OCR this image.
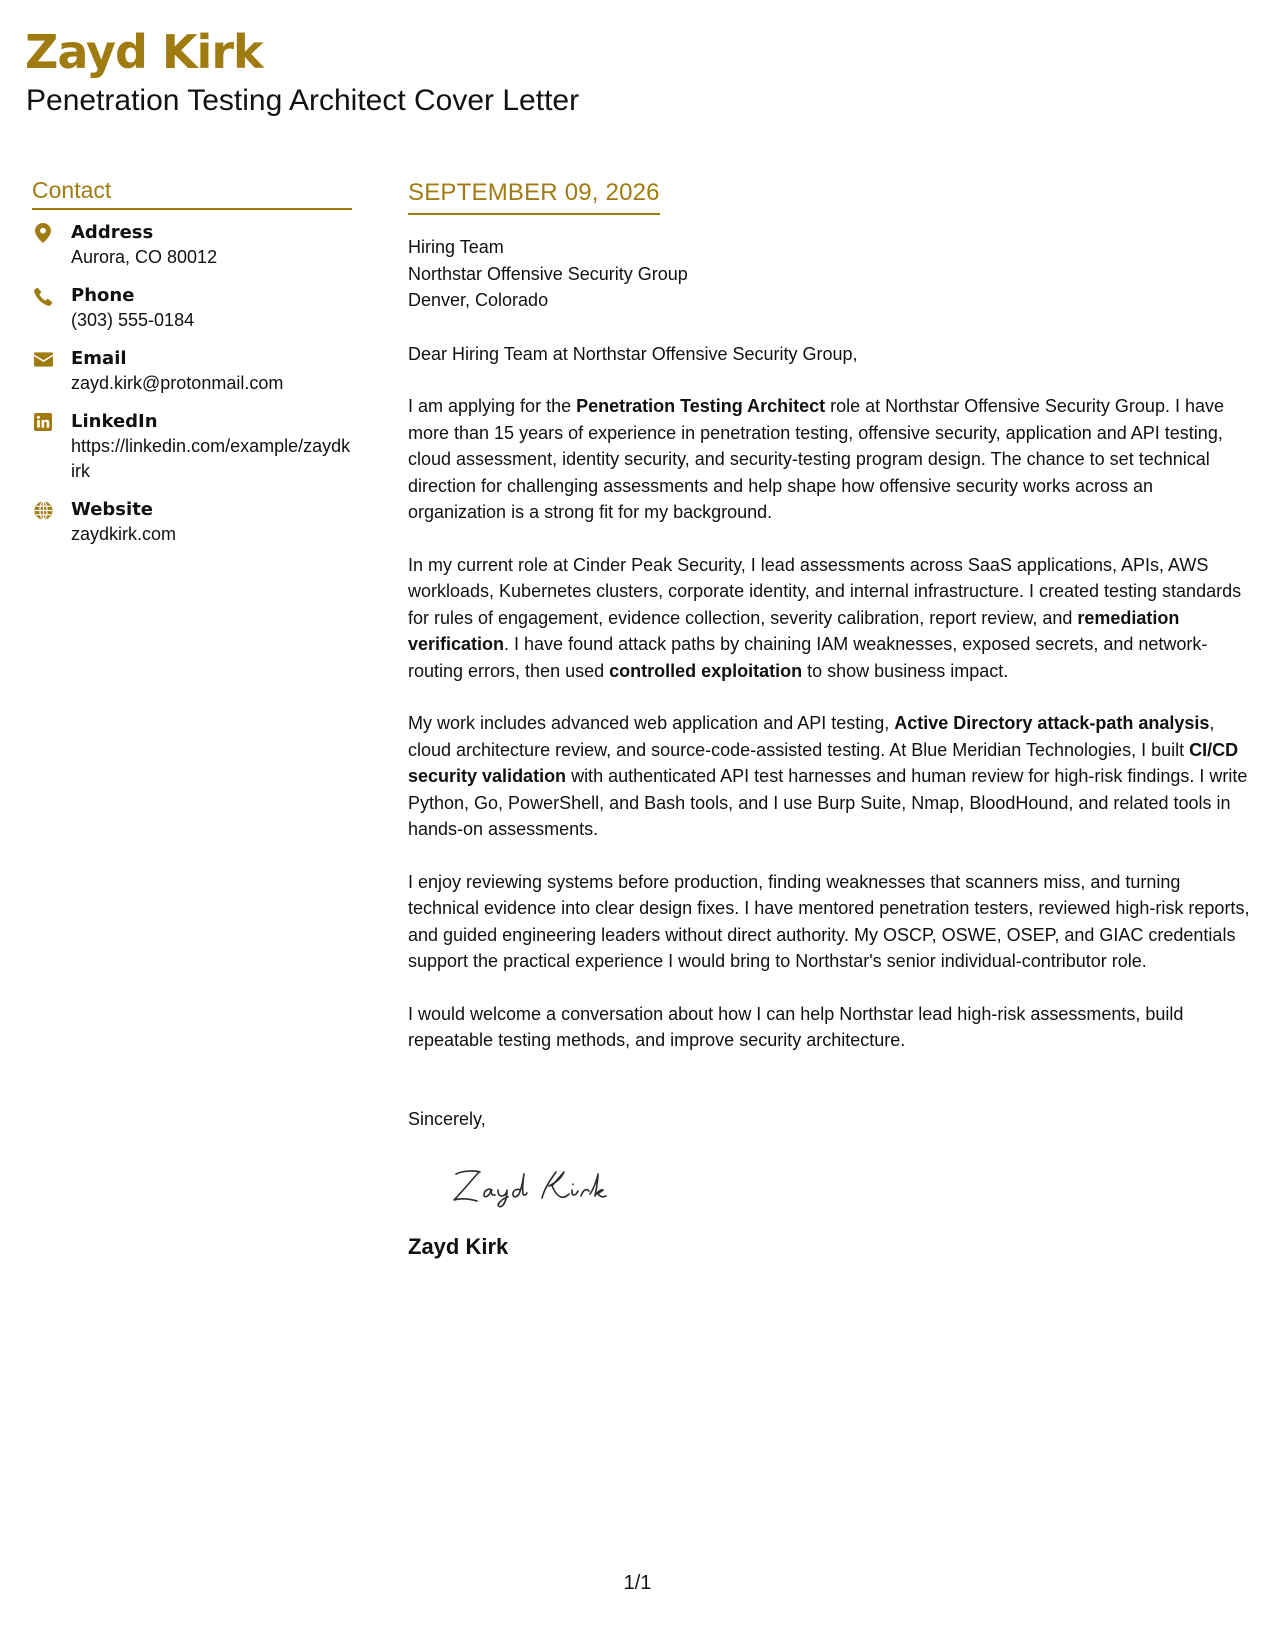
Zayd Kirk
Penetration Testing Architect Cover Letter
Contact
Address
Aurora, CO 80012
Phone
(303) 555-0184
Email
zayd.kirk@protonmail.com
LinkedIn
https://linkedin.com/example/zaydkirk
Website
zaydkirk.com
SEPTEMBER 09, 2026
Hiring Team
Northstar Offensive Security Group
Denver, Colorado

Dear Hiring Team at Northstar Offensive Security Group,

I am applying for the Penetration Testing Architect role at Northstar Offensive Security Group. I have more than 15 years of experience in penetration testing, offensive security, application and API testing, cloud assessment, identity security, and security-testing program design. The chance to set technical direction for challenging assessments and help shape how offensive security works across an organization is a strong fit for my background.

In my current role at Cinder Peak Security, I lead assessments across SaaS applications, APIs, AWS workloads, Kubernetes clusters, corporate identity, and internal infrastructure. I created testing standards for rules of engagement, evidence collection, severity calibration, report review, and remediation verification. I have found attack paths by chaining IAM weaknesses, exposed secrets, and network-routing errors, then used controlled exploitation to show business impact.

My work includes advanced web application and API testing, Active Directory attack-path analysis, cloud architecture review, and source-code-assisted testing. At Blue Meridian Technologies, I built CI/CD security validation with authenticated API test harnesses and human review for high-risk findings. I write Python, Go, PowerShell, and Bash tools, and I use Burp Suite, Nmap, BloodHound, and related tools in hands-on assessments.

I enjoy reviewing systems before production, finding weaknesses that scanners miss, and turning technical evidence into clear design fixes. I have mentored penetration testers, reviewed high-risk reports, and guided engineering leaders without direct authority. My OSCP, OSWE, OSEP, and GIAC credentials support the practical experience I would bring to Northstar's senior individual-contributor role.

I would welcome a conversation about how I can help Northstar lead high-risk assessments, build repeatable testing methods, and improve security architecture.

Sincerely,

Zayd Kirk
1/1
